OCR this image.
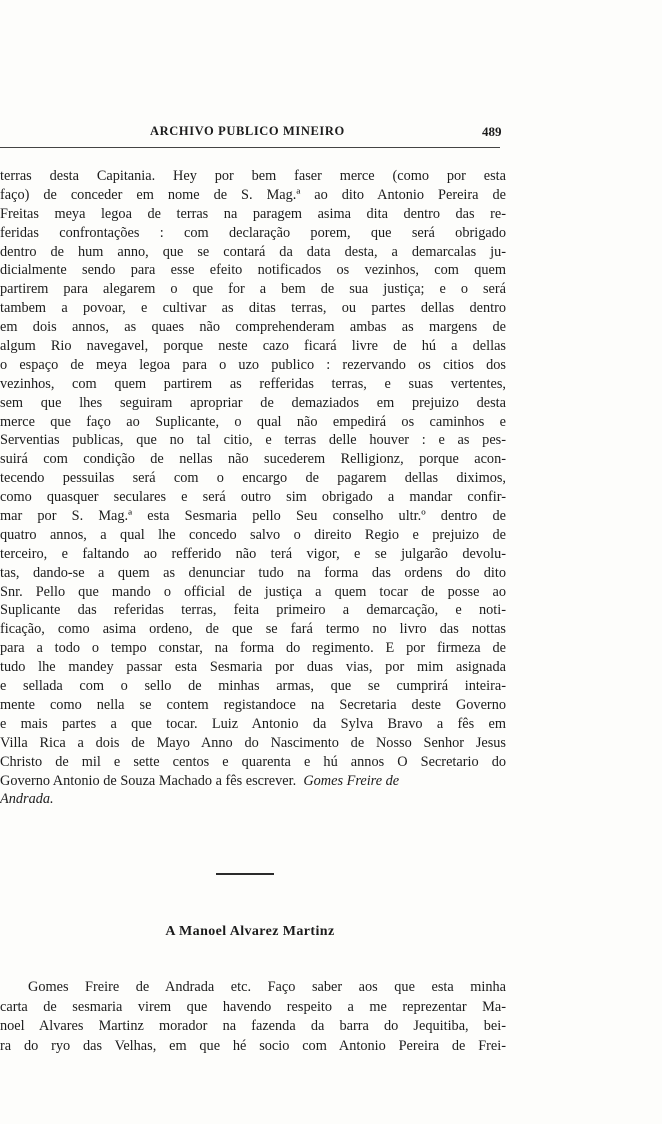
ARCHIVO PUBLICO MINEIRO	489
terras desta Capitania. Hey por bem faser merce (como por esta
faço) de conceder em nome de S. Mag.ª ao dito Antonio Pereira de
Freitas meya legoa de terras na paragem asima dita dentro das re-
feridas confrontações : com declaração porem, que será obrigado
dentro de hum anno, que se contará da data desta, a demarcalas ju-
dicialmente sendo para esse efeito notificados os vezinhos, com quem
partirem para alegarem o que for a bem de sua justiça; e o será
tambem a povoar, e cultivar as ditas terras, ou partes dellas dentro
em dois annos, as quaes não comprehenderam ambas as margens de
algum Rio navegavel, porque neste cazo ficará livre de hú a dellas
o espaço de meya legoa para o uzo publico : rezervando os citios dos
vezinhos, com quem partirem as refferidas terras, e suas vertentes,
sem que lhes seguiram apropriar de demaziados em prejuizo desta
merce que faço ao Suplicante, o qual não empedirá os caminhos e
Serventias publicas, que no tal citio, e terras delle houver : e as pes-
suirá com condição de nellas não sucederem Relligionz, porque acon-
tecendo pessuilas será com o encargo de pagarem dellas diximos,
como quasquer seculares e será outro sim obrigado a mandar confir-
mar por S. Mag.ª esta Sesmaria pello Seu conselho ultr.º dentro de
quatro annos, a qual lhe concedo salvo o direito Regio e prejuizo de
terceiro, e faltando ao refferido não terá vigor, e se julgarão devolu-
tas, dando-se a quem as denunciar tudo na forma das ordens do dito
Snr. Pello que mando o official de justiça a quem tocar de posse ao
Suplicante das referidas terras, feita primeiro a demarcação, e noti-
ficação, como asima ordeno, de que se fará termo no livro das nottas
para a todo o tempo constar, na forma do regimento. E por firmeza de
tudo lhe mandey passar esta Sesmaria por duas vias, por mim asignada
e sellada com o sello de minhas armas, que se cumprirá inteira-
mente como nella se contem registandoce na Secretaria deste Governo
e mais partes a que tocar. Luiz Antonio da Sylva Bravo a fês em
Villa Rica a dois de Mayo Anno do Nascimento de Nosso Senhor Jesus
Christo de mil e sette centos e quarenta e hú annos O Secretario do
Governo Antonio de Souza Machado a fês escrever.  Gomes Freire de
Andrada.
A Manoel Alvarez Martinz
Gomes Freire de Andrada etc. Faço saber aos que esta minha
carta de sesmaria virem que havendo respeito a me reprezentar Ma-
noel Alvares Martinz morador na fazenda da barra do Jequitiba, bei-
ra do ryo das Velhas, em que hé socio com Antonio Pereira de Frei-
